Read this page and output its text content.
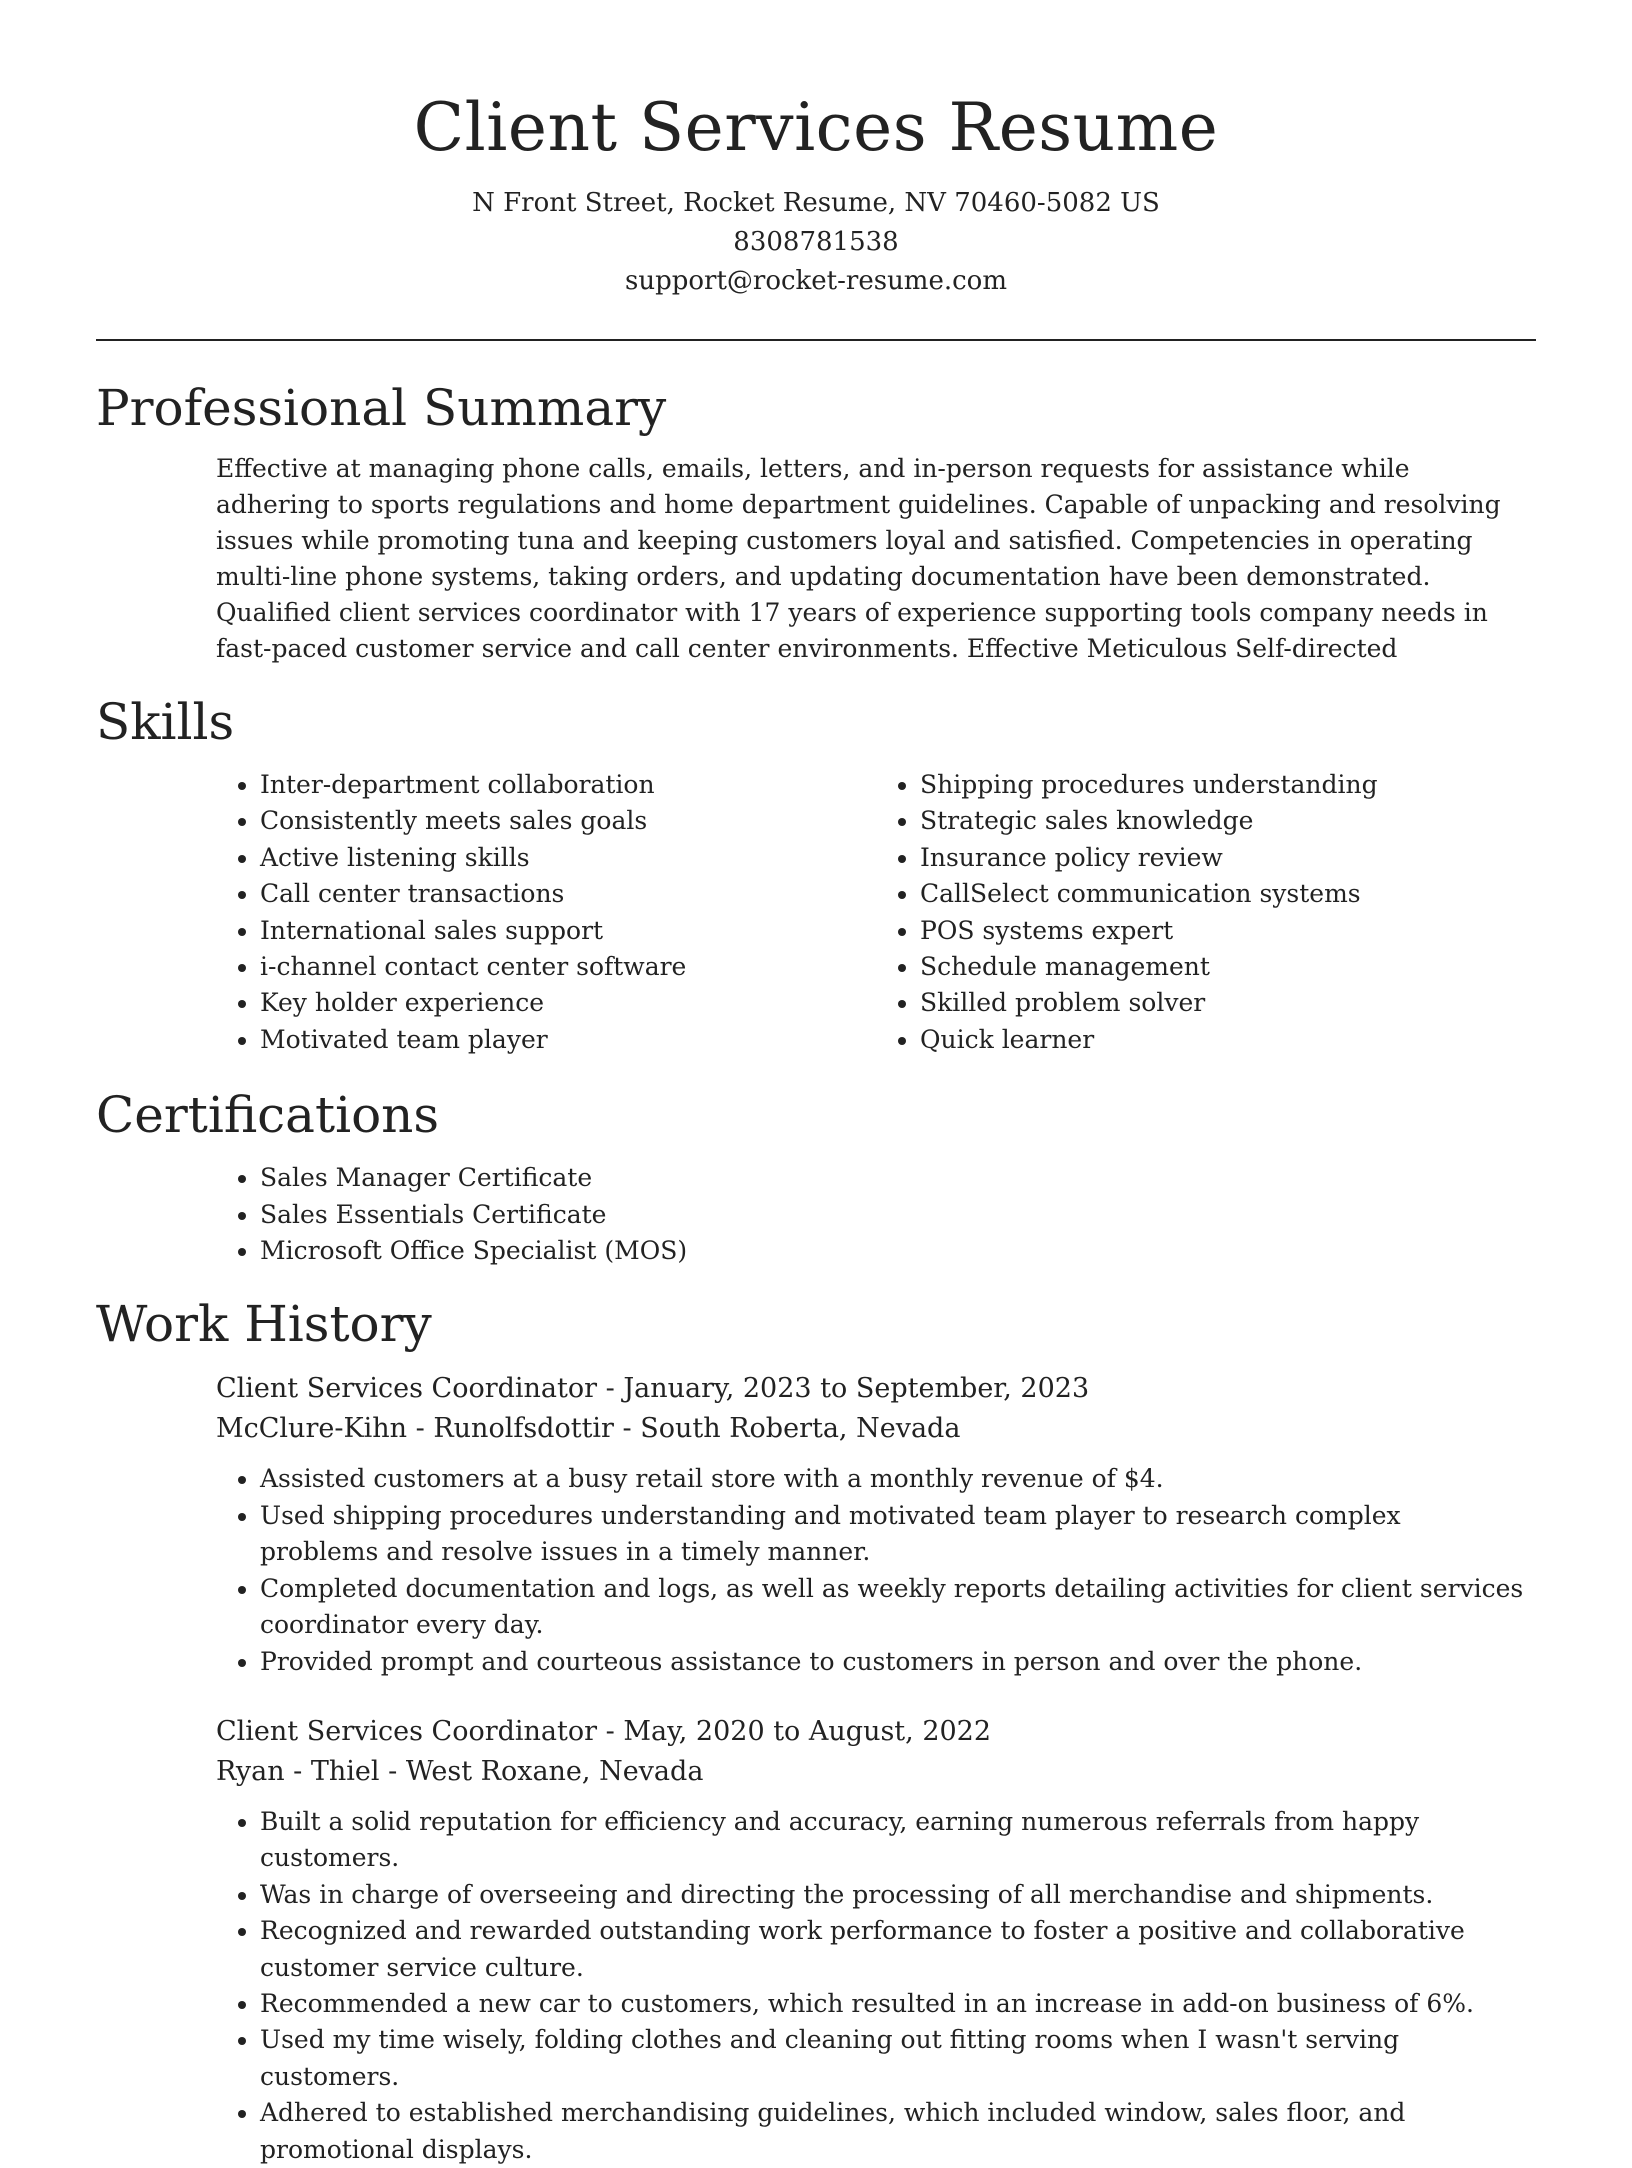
Client Services Resume
N Front Street, Rocket Resume, NV 70460-5082 US
8308781538
support@rocket-resume.com
Professional Summary

Effective at managing phone calls, emails, letters, and in-person requests for assistance while adhering to sports regulations and home department guidelines. Capable of unpacking and resolving issues while promoting tuna and keeping customers loyal and satisfied. Competencies in operating multi-line phone systems, taking orders, and updating documentation have been demonstrated. Qualified client services coordinator with 17 years of experience supporting tools company needs in fast-paced customer service and call center environments. Effective Meticulous Self-directed

Skills
• Inter-department collaboration
• Consistently meets sales goals
• Active listening skills
• Call center transactions
• International sales support
• i-channel contact center software
• Key holder experience
• Motivated team player
• Shipping procedures understanding
• Strategic sales knowledge
• Insurance policy review
• CallSelect communication systems
• POS systems expert
• Schedule management
• Skilled problem solver
• Quick learner
Certifications
• Sales Manager Certificate
• Sales Essentials Certificate
• Microsoft Office Specialist (MOS)
Work History
Client Services Coordinator - January, 2023 to September, 2023
McClure-Kihn - Runolfsdottir - South Roberta, Nevada
• Assisted customers at a busy retail store with a monthly revenue of $4.
• Used shipping procedures understanding and motivated team player to research complex problems and resolve issues in a timely manner.
• Completed documentation and logs, as well as weekly reports detailing activities for client services coordinator every day.
• Provided prompt and courteous assistance to customers in person and over the phone.
Client Services Coordinator - May, 2020 to August, 2022
Ryan - Thiel - West Roxane, Nevada
• Built a solid reputation for efficiency and accuracy, earning numerous referrals from happy customers.
• Was in charge of overseeing and directing the processing of all merchandise and shipments.
• Recognized and rewarded outstanding work performance to foster a positive and collaborative customer service culture.
• Recommended a new car to customers, which resulted in an increase in add-on business of 6%.
• Used my time wisely, folding clothes and cleaning out fitting rooms when I wasn't serving customers.
• Adhered to established merchandising guidelines, which included window, sales floor, and promotional displays.
